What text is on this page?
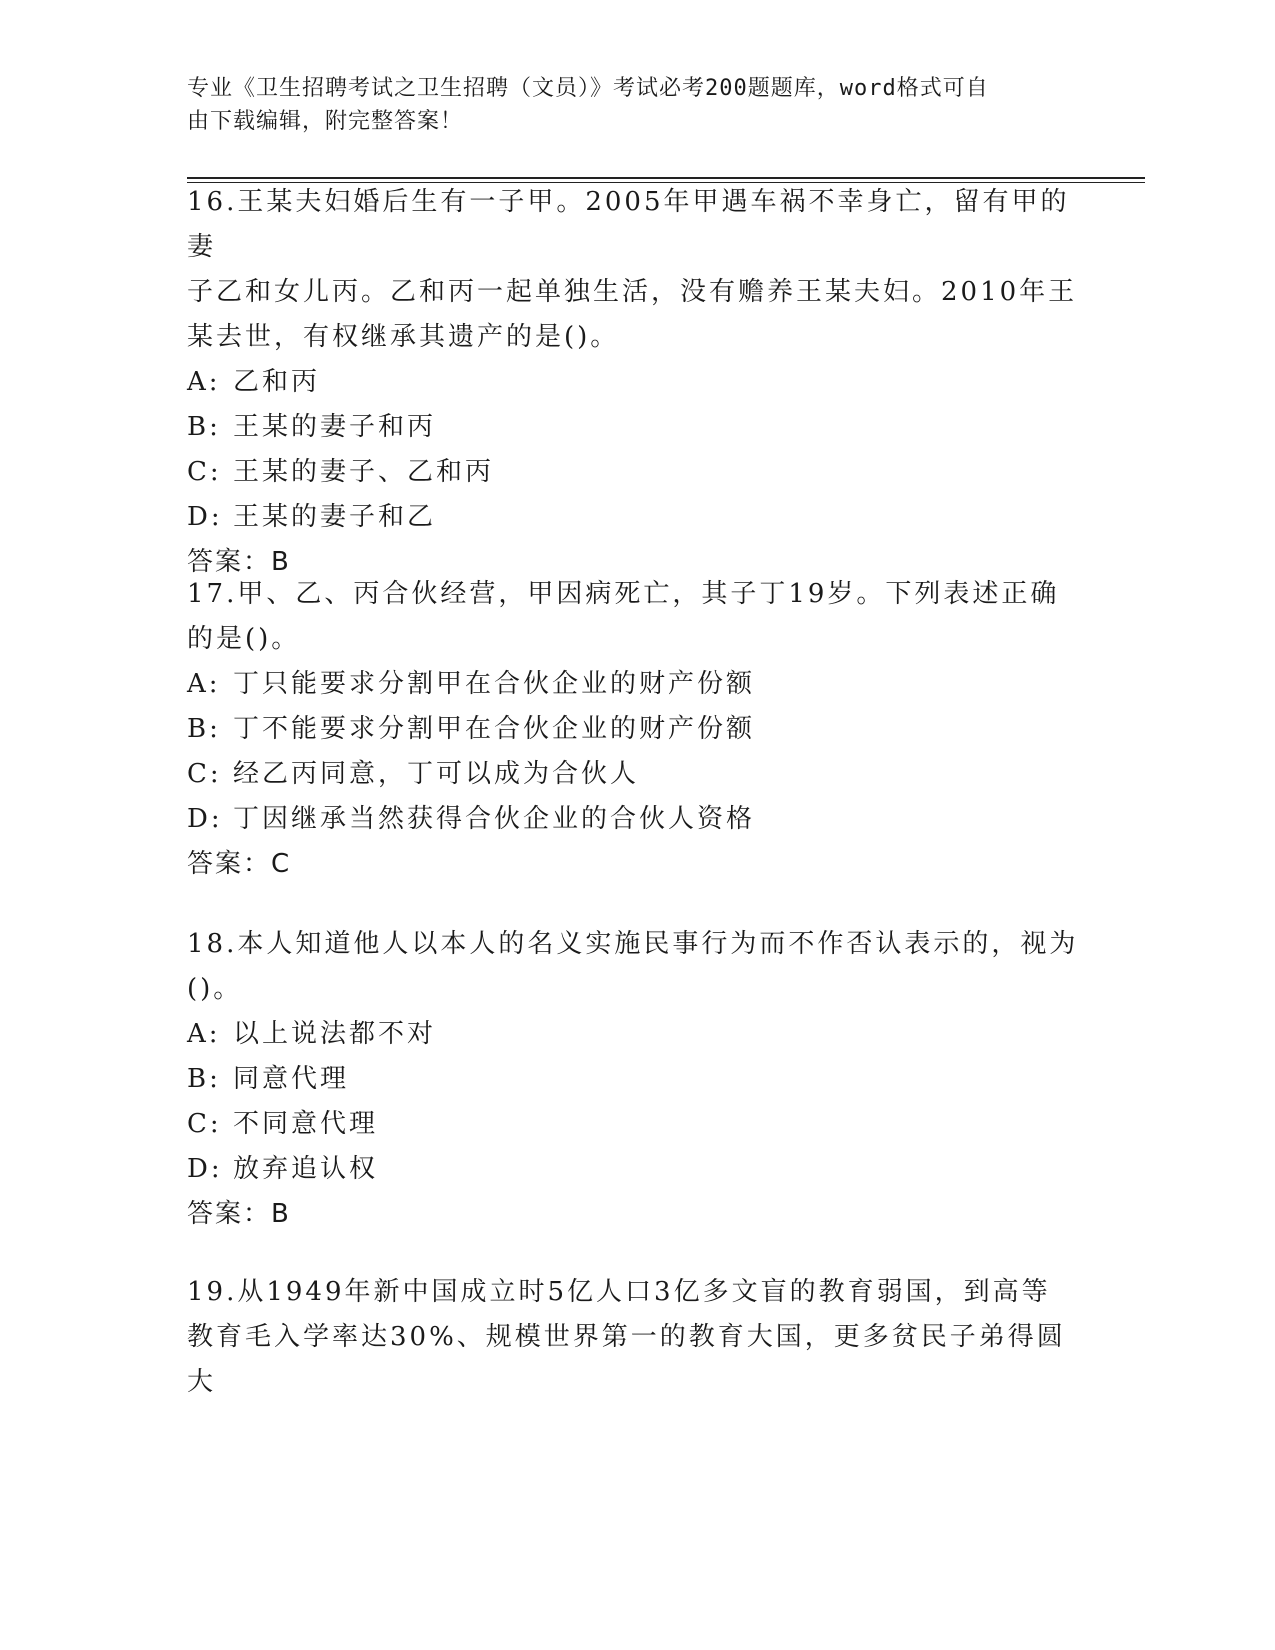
专业《卫生招聘考试之卫生招聘（文员）》考试必考200题题库，word格式可自
由下载编辑，附完整答案！

16.王某夫妇婚后生有一子甲。2005年甲遇车祸不幸身亡，留有甲的妻

子乙和女儿丙。乙和丙一起单独生活，没有赡养王某夫妇。2010年王

某去世，有权继承其遗产的是()。

A: 乙和丙

B: 王某的妻子和丙

C: 王某的妻子、乙和丙

D: 王某的妻子和乙

答案：B

17.甲、乙、丙合伙经营，甲因病死亡，其子丁19岁。下列表述正确

的是()。

A: 丁只能要求分割甲在合伙企业的财产份额

B: 丁不能要求分割甲在合伙企业的财产份额

C: 经乙丙同意，丁可以成为合伙人

D: 丁因继承当然获得合伙企业的合伙人资格

答案：C

18.本人知道他人以本人的名义实施民事行为而不作否认表示的，视为

()。

A: 以上说法都不对

B: 同意代理

C: 不同意代理

D: 放弃追认权

答案：B

19.从1949年新中国成立时5亿人口3亿多文盲的教育弱国，到高等

教育毛入学率达30%、规模世界第一的教育大国，更多贫民子弟得圆大
